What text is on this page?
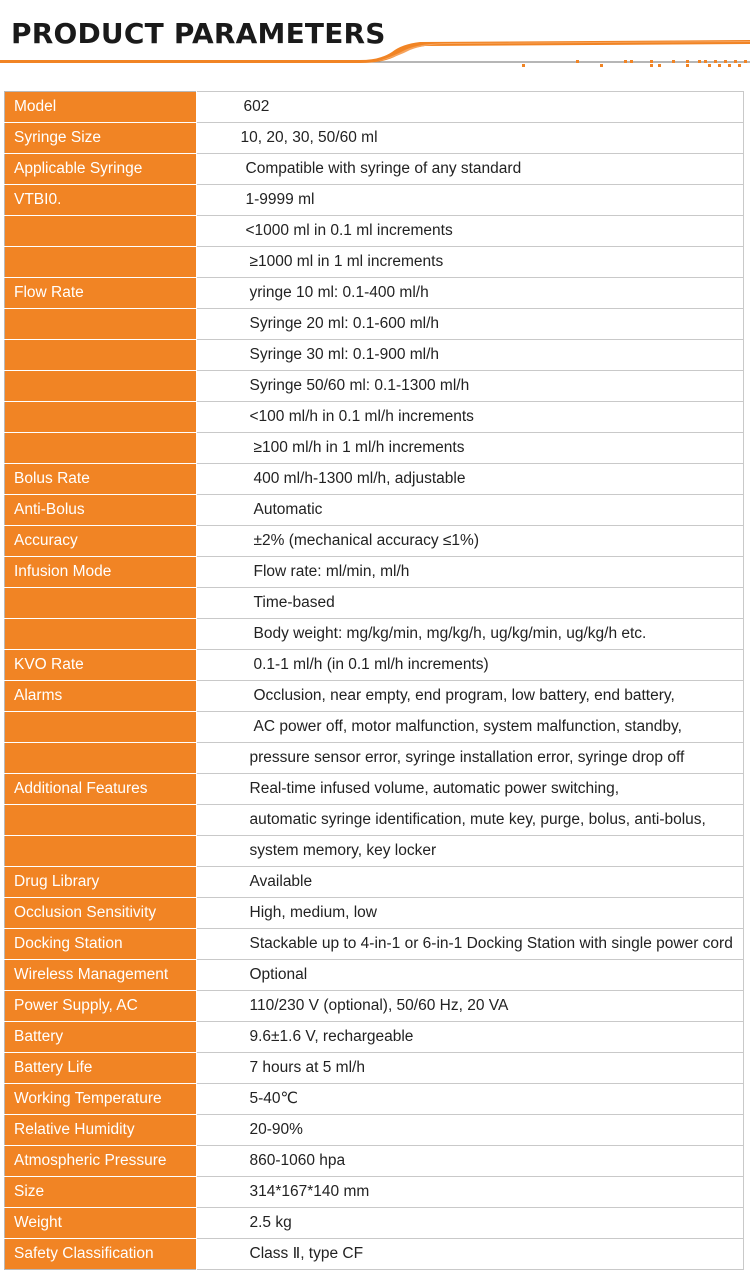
PRODUCT PARAMETERS
Model		602
Syringe Size		10, 20, 30, 50/60 ml
Applicable Syringe		Compatible with syringe of any standard
VTBI0.		1-9999 ml
		<1000 ml in 0.1 ml increments
		≥1000 ml in 1 ml increments
Flow Rate		yringe 10 ml: 0.1-400 ml/h
		Syringe 20 ml: 0.1-600 ml/h
		Syringe 30 ml: 0.1-900 ml/h
		Syringe 50/60 ml: 0.1-1300 ml/h
		<100 ml/h in 0.1 ml/h increments
		≥100 ml/h in 1 ml/h increments
Bolus Rate		400 ml/h-1300 ml/h, adjustable
Anti-Bolus		Automatic
Accuracy		±2% (mechanical accuracy ≤1%)
Infusion Mode		Flow rate: ml/min, ml/h
		Time-based
		Body weight: mg/kg/min, mg/kg/h, ug/kg/min, ug/kg/h etc.
KVO Rate		0.1-1 ml/h (in 0.1 ml/h increments)
Alarms		Occlusion, near empty, end program, low battery, end battery,
		AC power off, motor malfunction, system malfunction, standby,
		pressure sensor error, syringe installation error, syringe drop off
Additional Features		Real-time infused volume, automatic power switching,
		automatic syringe identification, mute key, purge, bolus, anti-bolus,
		system memory, key locker
Drug Library		Available
Occlusion Sensitivity		High, medium, low
Docking Station		Stackable up to 4-in-1 or 6-in-1 Docking Station with single power cord
Wireless Management		Optional
Power Supply, AC		110/230 V (optional), 50/60 Hz, 20 VA
Battery		9.6±1.6 V, rechargeable
Battery Life		7 hours at 5 ml/h
Working Temperature		5-40℃
Relative Humidity		20-90%
Atmospheric Pressure		860-1060 hpa
Size		314*167*140 mm
Weight		2.5 kg
Safety Classification		Class Ⅱ, type CF
